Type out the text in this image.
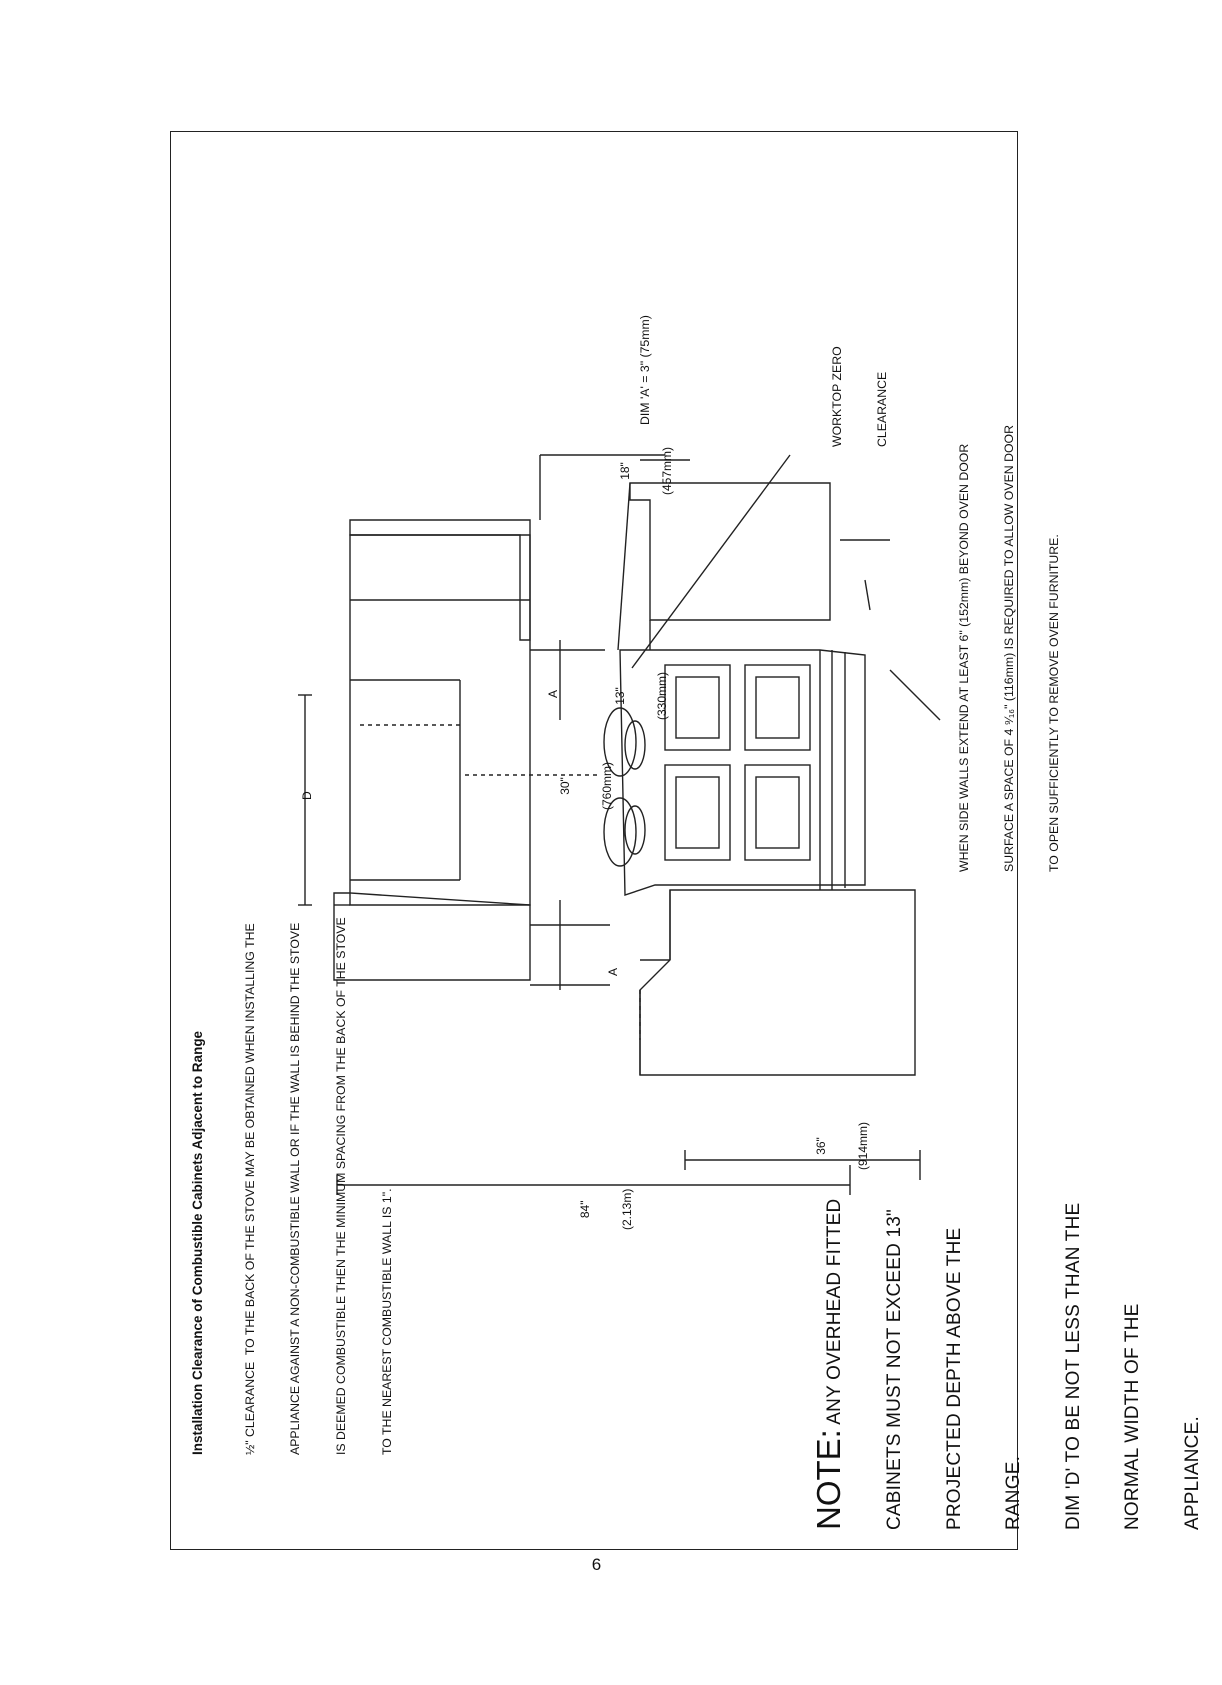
Installation Clearance of Combustible Cabinets Adjacent to Range

	½" CLEARANCE  TO THE BACK OF THE STOVE MAY BE OBTAINED WHEN INSTALLING THE

	APPLIANCE AGAINST A NON-COMBUSTIBLE WALL OR IF THE WALL IS BEHIND THE STOVE

	IS DEEMED COMBUSTIBLE THEN THE MINIMUM SPACING FROM THE BACK OF THE STOVE

	TO THE NEAREST COMBUSTIBLE WALL IS 1".

NOTE: ANY OVERHEAD FITTED

CABINETS MUST NOT EXCEED 13"

PROJECTED DEPTH ABOVE THE

RANGE.

DIM 'D' TO BE NOT LESS THAN THE

NORMAL WIDTH OF THE

APPLIANCE.

84"

(2.13m)

36"

(914mm)

30"

(760mm)

13"

(330mm)

18"

(457mm)

A
A
D
DIM 'A' = 3" (75mm)

	WORKTOP ZERO

	CLEARANCE

WHEN SIDE WALLS EXTEND AT LEAST 6" (152mm) BEYOND OVEN DOOR

	SURFACE A SPACE OF 4 ⁹⁄₁₆" (116mm) IS REQUIRED TO ALLOW OVEN DOOR

	TO OPEN SUFFICIENTLY TO REMOVE OVEN FURNITURE.

6
